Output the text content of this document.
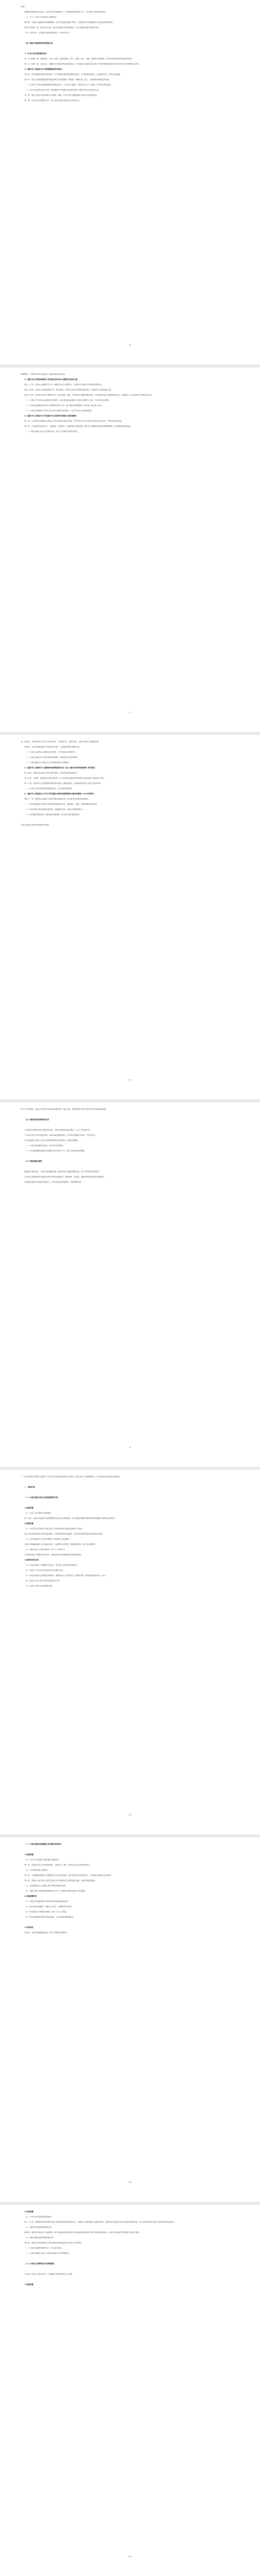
意见。
根据规划选址意见书选址，受自然灾害的影响较小，对环境造成的影响亦不大，符合相关法律法规的规定。
（三）关于《中华人民共和国土地管理法》
第四条：为保证土地使用用途管制制度，依法对建设用地进行管制，土地利用总体规划确定的土地用途和使用条件。
第四十四条第一款：建设占用土地，涉及农用地转为建设用地的，应当办理农用地转用审批手续。
（四）防洪安全、应急响应及建设用地许可（1999年1月）
（四）建设占地面临的环境风险分析
1.《中华人民共和国防洪法》
第二十四条第一款：建设跨河、穿河、跨堤、临河的桥梁、码头、道路、渡口、管道、缆线等工程设施，应当符合防洪标准和其他技术要求。
第三十三条第一款：在洪泛区、蓄滞洪区内建设非防洪建设项目，应当就洪水对建设项目可能产生的影响和建设项目对防洪可能产生的影响作出评价。
2.《重庆市人民政府关于河道管理和保护的规定》
第九条：在河道管理范围内建设项目，应当按照河道管理权限报经批准，不得影响河势稳定、危害堤防安全、妨碍行洪畅通。
第十条：禁止在河道管理范围内建设妨碍行洪的建筑物、构筑物，倾倒垃圾、渣土，从事影响河势稳定的活动。
（一）本项目不涉及河道管理范围内的建设活动，不占用行洪通道，对防洪安全不产生影响，符合相关规定要求。
（二）项目已取得相关部门同意，建设期间应严格落实各项防护措施，确保工程安全和防洪安全。
第一款：禁止在饮用水水源保护区内新建、改建、扩建与供水设施和保护水源无关的建设项目。
第二款：在饮用水水源保护区内，禁止从事可能污染饮用水水体的活动。
-6-
道路物料，不得使用有毒有害材料，铺设应满足相关要求。
3.《重庆市水污染防治条例》相关规定及饮用水水源保护区划定方案
第五十三条：饮用水水源保护区分为一级保护区和二级保护区，必要时可在保护区外围划定准保护区。
第五十四条：在饮用水水源准保护区内，禁止新建、扩建对水体污染严重的建设项目；改建项目不得增加排污量。
第五十五条：在饮用水水源二级保护区内，禁止新建、改建、扩建排放污染物的建设项目；已建成的排放污染物的建设项目，由县级以上人民政府责令拆除或者关闭。
（一）本项目不在饮用水水源保护区范围内，项目建设及运营期间不排放污染物进入水体，符合相关规定要求。
（二）本项目距离最近的饮用水水源保护区约2公里，施工期间应加强管理，防止施工废水进入水体。
（三）本项目运营期间产生的生活污水经处理后达标排放，不会对饮用水水源造成影响。
4.《重庆市人民政府关于印发重庆市生态保护红线划定方案的通知》
第一条：生态保护红线原则上按禁止开发区域的要求进行管理，严禁不符合主体功能定位的各类开发活动，严禁任意改变用途。
第二条：生态保护红线划定后，只能增加、不能减少，因国家重大基础设施、重大民生保障项目建设等需要调整的，由省级政府组织论证。
（一）本项目选址不涉及生态保护红线，符合生态保护红线管控要求。
-7-
四、经查阅，本项目地块不涉及生态保护红线、自然保护区、风景名胜区、森林公园等生态敏感区域。
经核查，本项目选址范围内不涉及基本农田、公益林地等禁止建设区域。
（一）本项目占地符合土地利用总体规划，不涉及基本农田保护区。
（二）本项目用地已纳入城市建设用地范围，用地性质符合规划要求。
（三）本项目建设不会对周边生态环境造成明显不利影响。
5.《重庆市人民政府关于加强城乡规划管理的决定》以及《重庆市城乡规划条例》相关规定
第十四条：建设项目选址应当符合城乡规划，并依法取得选址意见书。
第十五条：在城市、镇规划区内进行建设的，应当依法取得建设用地规划许可证和建设工程规划许可证。
第十八条：建设单位应当按照规划条件进行建设，确需变更的，必须向城乡规划主管部门提出申请。
（一）本项目已依法取得规划选址意见书，符合城乡规划要求。
6.《重庆市人民政府办公厅关于印发重庆市城市规划管理技术规定的通知》（2018年修订）
第四十二条：建设项目用地应与周边用地功能相协调，符合城市总体规划布局要求。
（一）项目规划建设方案符合城市规划管理技术规定，建筑退让、间距、高度等指标满足要求。
（二）项目用地与周边用地功能协调，交通组织合理，对周边环境影响较小。
（三）项目配套设施完善，满足使用功能需要，符合相关技术规范要求。
规划方案符合城市规划管理技术规定。
-8-
设产生不良影响，因此本项目建设与周边规划相协调，选址合理。需严格落实本报告提出的各项风险防范措施。
（五）建设用地用途兼容性分析
1.建设项目用地在规划中确定的用途，与周边用地性质相互兼容，不会产生用地冲突。
2.本项目周边主要为居住用地、商业用地及道路用地，与本项目功能相互协调，不存在冲突。
3.项目建设符合国土空间总体规划和控制性详细规划，用地性质明确。
（一）本项目用地兼容性良好，符合相关规划要求。
（二）项目建设期间应做好环境保护及安全防护工作，减少对周边居民的影响。
（六）建设规模合理性
根据项目建设需求，本项目用地规模合理，建设内容与用地规模相匹配，符合节约集约用地原则。
本项目总用地面积符合国家及重庆市相关用地标准，建筑密度、容积率、绿地率等指标均满足规划要求。
项目建设规模与功能需求相适应，不存在超标准建设情况，用地规模合理。
-9-
三、项目建设符合国家产业政策，符合国土空间规划及相关专项规划，选址合理，用地规模适当，可以同意本项目建设用地预审。
二、规划内容
（一）本项目建设与国土空间规划的符合性
1.法律依据
（1）《中华人民共和国土地管理法》
第十五条：各级人民政府应当依据国民经济和社会发展规划、国土整治和资源环境保护的要求编制土地利用总体规划。
2.政策依据
（1）《中共中央 国务院关于建立国土空间规划体系并监督实施的若干意见》
国土空间规划是国家空间发展的指南、可持续发展的空间蓝图，是各类开发保护建设活动的基本依据。
（2）《自然资源部关于全面开展国土空间规划工作的通知》
各地不再新编和报批主体功能区规划、土地利用总体规划、城镇体系规划、城市总体规划等。
（3）《重庆市国土空间总体规划（2021—2035年）》
本项目用地位于城镇开发边界内，用地性质符合规划确定的用途管制要求。
3.规划符合性分析
（1）本项目选址位于城镇集中建设区，符合国土空间总体规划要求。
（2）本项目不占用永久基本农田和生态保护红线。
（3）本项目用地符合控制性详细规划，用地性质为公共管理与公共服务用地（城市建设用地代码：A33）。
（4）本项目已纳入重庆市重点建设项目计划。
（5）本项目与相关专项规划相协调。
-10-
（二）本项目建设用地规模及节约集约用地评价
1.法律依据
（1）《中华人民共和国土地管理法实施条例》
第二条：国家建立国土空间规划体系。土地开发、保护、建设活动应当坚持规划先行。
（2）《节约集约利用土地规定》
第三条：土地管理和利用应当遵循坚持节约优先的原则，除法律法规另有规定的外，不得突破土地利用总体规划。
第十条：县级以上地方国土资源主管部门应当统筹存量与增量建设用地，合理安排建设用地。
（3）《自然资源部关于加强土地节约集约利用的意见》
（4）《重庆市国土资源和房屋管理局关于进一步加强节约集约用地工作的通知》
2.用地规模评价
（1）本项目总用地面积符合国家相关建设用地指标要求。
（2）项目用地布局紧凑，功能分区合理，土地利用效率较高。
（3）项目建设充分利用现状地形，减少土石方工程量。
（4）项目用地规模与建设内容相匹配，不存在超标准用地情况。
3.评价结论
经分析，本项目用地规模合理，符合节约集约用地要求。
-11-
4.其他依据
（1）《中华人民共和国城乡规划法》
第三十六条：按照国家规定需要有关部门批准或者核准的建设项目，以划拨方式提供国有土地使用权的，建设单位在报送有关部门批准或者核准前，应当向城乡规划主管部门申请核发选址意见书。
（2）《建设项目用地预审管理办法》
第四条：建设项目用地实行分级预审。需人民政府或有批准权的人民政府发展和改革等部门审批的建设项目，由该人民政府的自然资源主管部门预审。
（3）《重庆市建设用地审批管理办法》
第六条：建设项目用地预审应当审查建设项目选址是否符合国土空间规划。
（一）本项目用地预审资料齐全，符合相关规定。
（二）本项目选址符合国土空间规划及相关专项规划要求。
（三）本项目占用耕地及补充耕地情况
本项目不占用永久基本农田，占用耕地已按规定落实占补平衡。
1.法律依据
-12-
